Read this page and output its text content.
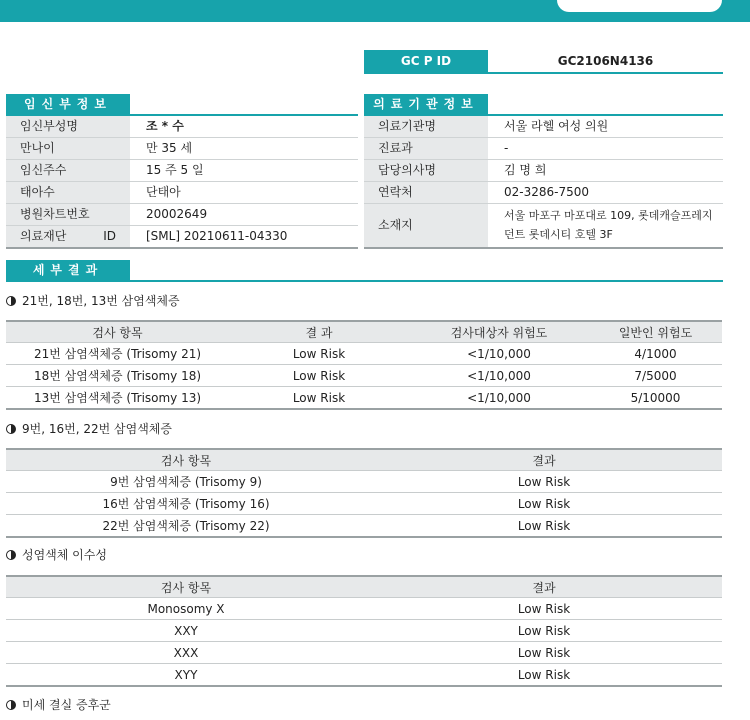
GC P ID	GC2106N4136
임신부정보	의료기관정보
임신부성명	조 * 수
만나이	만 35 세
임신주수	15 주 5 일
태아수	단태아
병원차트번호	20002649
의료재단 ID	[SML] 20210611-04330
의료기관명	서울 라헬 여성 의원
진료과	-
담당의사명	김 명 희
연락처	02-3286-7500
소재지
서울 마포구 마포대로 109, 롯데캐슬프레지
던트 롯데시티 호텔 3F
세부결과
21번, 18번, 13번 삼염색체증
검사 항목	결 과	검사대상자 위험도	일반인 위험도
21번 삼염색체증 (Trisomy 21)	Low Risk	<1/10,000	4/1000
18번 삼염색체증 (Trisomy 18)	Low Risk	<1/10,000	7/5000
13번 삼염색체증 (Trisomy 13)	Low Risk	<1/10,000	5/10000
9번, 16번, 22번 삼염색체증
검사 항목	결과
9번 삼염색체증 (Trisomy 9)	Low Risk
16번 삼염색체증 (Trisomy 16)	Low Risk
22번 삼염색체증 (Trisomy 22)	Low Risk
성염색체 이수성
검사 항목	결과
Monosomy X	Low Risk
XXY	Low Risk
XXX	Low Risk
XYY	Low Risk
미세 결실 증후군
